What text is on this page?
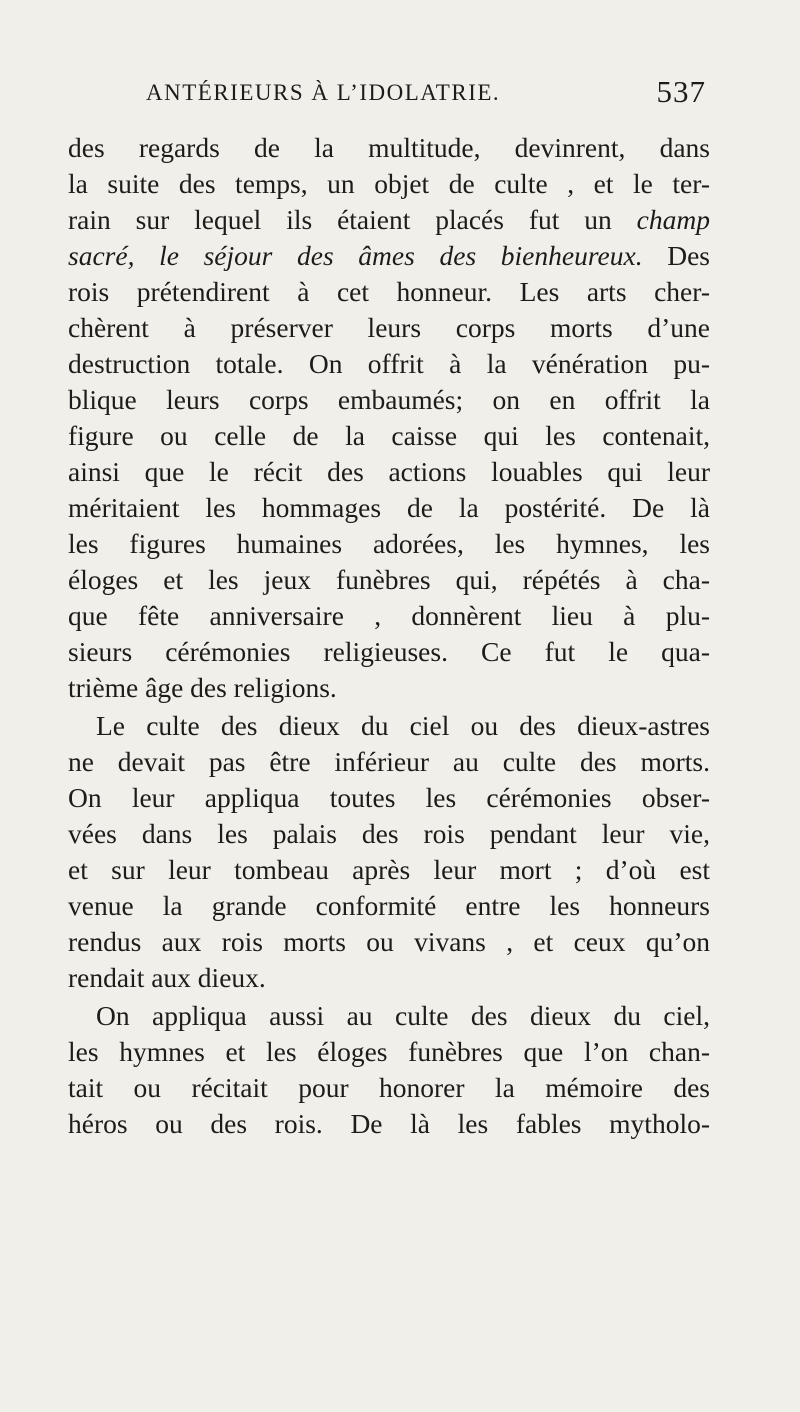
ANTÉRIEURS À L’IDOLATRIE.	537
des regards de la multitude, devinrent, dans
la suite des temps, un objet de culte , et le ter-
rain sur lequel ils étaient placés fut un champ
sacré, le séjour des âmes des bienheureux. Des
rois prétendirent à cet honneur. Les arts cher-
chèrent à préserver leurs corps morts d’une
destruction totale. On offrit à la vénération pu-
blique leurs corps embaumés; on en offrit la
figure ou celle de la caisse qui les contenait,
ainsi que le récit des actions louables qui leur
méritaient les hommages de la postérité. De là
les figures humaines adorées, les hymnes, les
éloges et les jeux funèbres qui, répétés à cha-
que fête anniversaire , donnèrent lieu à plu-
sieurs cérémonies religieuses. Ce fut le qua-
trième âge des religions.
Le culte des dieux du ciel ou des dieux-astres
ne devait pas être inférieur au culte des morts.
On leur appliqua toutes les cérémonies obser-
vées dans les palais des rois pendant leur vie,
et sur leur tombeau après leur mort ; d’où est
venue la grande conformité entre les honneurs
rendus aux rois morts ou vivans , et ceux qu’on
rendait aux dieux.
On appliqua aussi au culte des dieux du ciel,
les hymnes et les éloges funèbres que l’on chan-
tait ou récitait pour honorer la mémoire des
héros ou des rois. De là les fables mytholo-
